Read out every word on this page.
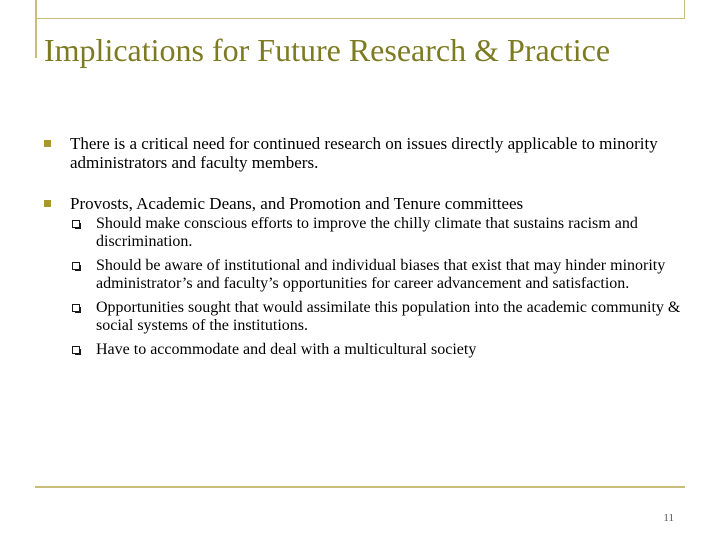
Implications for Future Research & Practice
There is a critical need for continued research on issues directly applicable to minority administrators and faculty members.
Provosts, Academic Deans, and Promotion and Tenure committees
Should make conscious efforts to improve the chilly climate that sustains racism and discrimination.
Should be aware of institutional and individual biases that exist that may hinder minority administrator’s and faculty’s opportunities for career advancement and satisfaction.
Opportunities sought that would assimilate this population into the academic community & social systems of the institutions.
Have to accommodate and deal with a multicultural society
11
